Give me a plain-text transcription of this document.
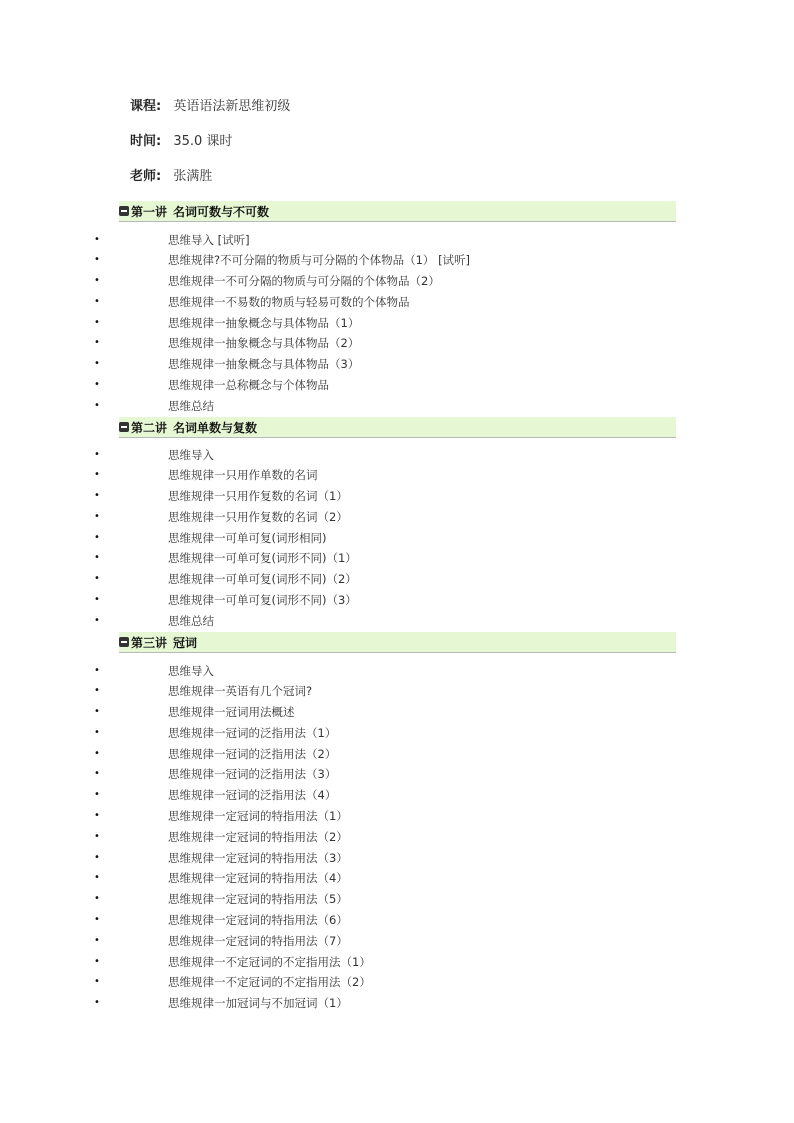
课程: 英语语法新思维初级
时间: 35.0 课时
老师: 张满胜
第一讲 名词可数与不可数
•	思维导入 [试听]
•	思维规律?不可分隔的物质与可分隔的个体物品（1） [试听]
•	思维规律一不可分隔的物质与可分隔的个体物品（2）
•	思维规律一不易数的物质与轻易可数的个体物品
•	思维规律一抽象概念与具体物品（1）
•	思维规律一抽象概念与具体物品（2）
•	思维规律一抽象概念与具体物品（3）
•	思维规律一总称概念与个体物品
•	思维总结
第二讲 名词单数与复数
•	思维导入
•	思维规律一只用作单数的名词
•	思维规律一只用作复数的名词（1）
•	思维规律一只用作复数的名词（2）
•	思维规律一可单可复(词形相同)
•	思维规律一可单可复(词形不同)（1）
•	思维规律一可单可复(词形不同)（2）
•	思维规律一可单可复(词形不同)（3）
•	思维总结
第三讲 冠词
•	思维导入
•	思维规律一英语有几个冠词?
•	思维规律一冠词用法概述
•	思维规律一冠词的泛指用法（1）
•	思维规律一冠词的泛指用法（2）
•	思维规律一冠词的泛指用法（3）
•	思维规律一冠词的泛指用法（4）
•	思维规律一定冠词的特指用法（1）
•	思维规律一定冠词的特指用法（2）
•	思维规律一定冠词的特指用法（3）
•	思维规律一定冠词的特指用法（4）
•	思维规律一定冠词的特指用法（5）
•	思维规律一定冠词的特指用法（6）
•	思维规律一定冠词的特指用法（7）
•	思维规律一不定冠词的不定指用法（1）
•	思维规律一不定冠词的不定指用法（2）
•	思维规律一加冠词与不加冠词（1）
